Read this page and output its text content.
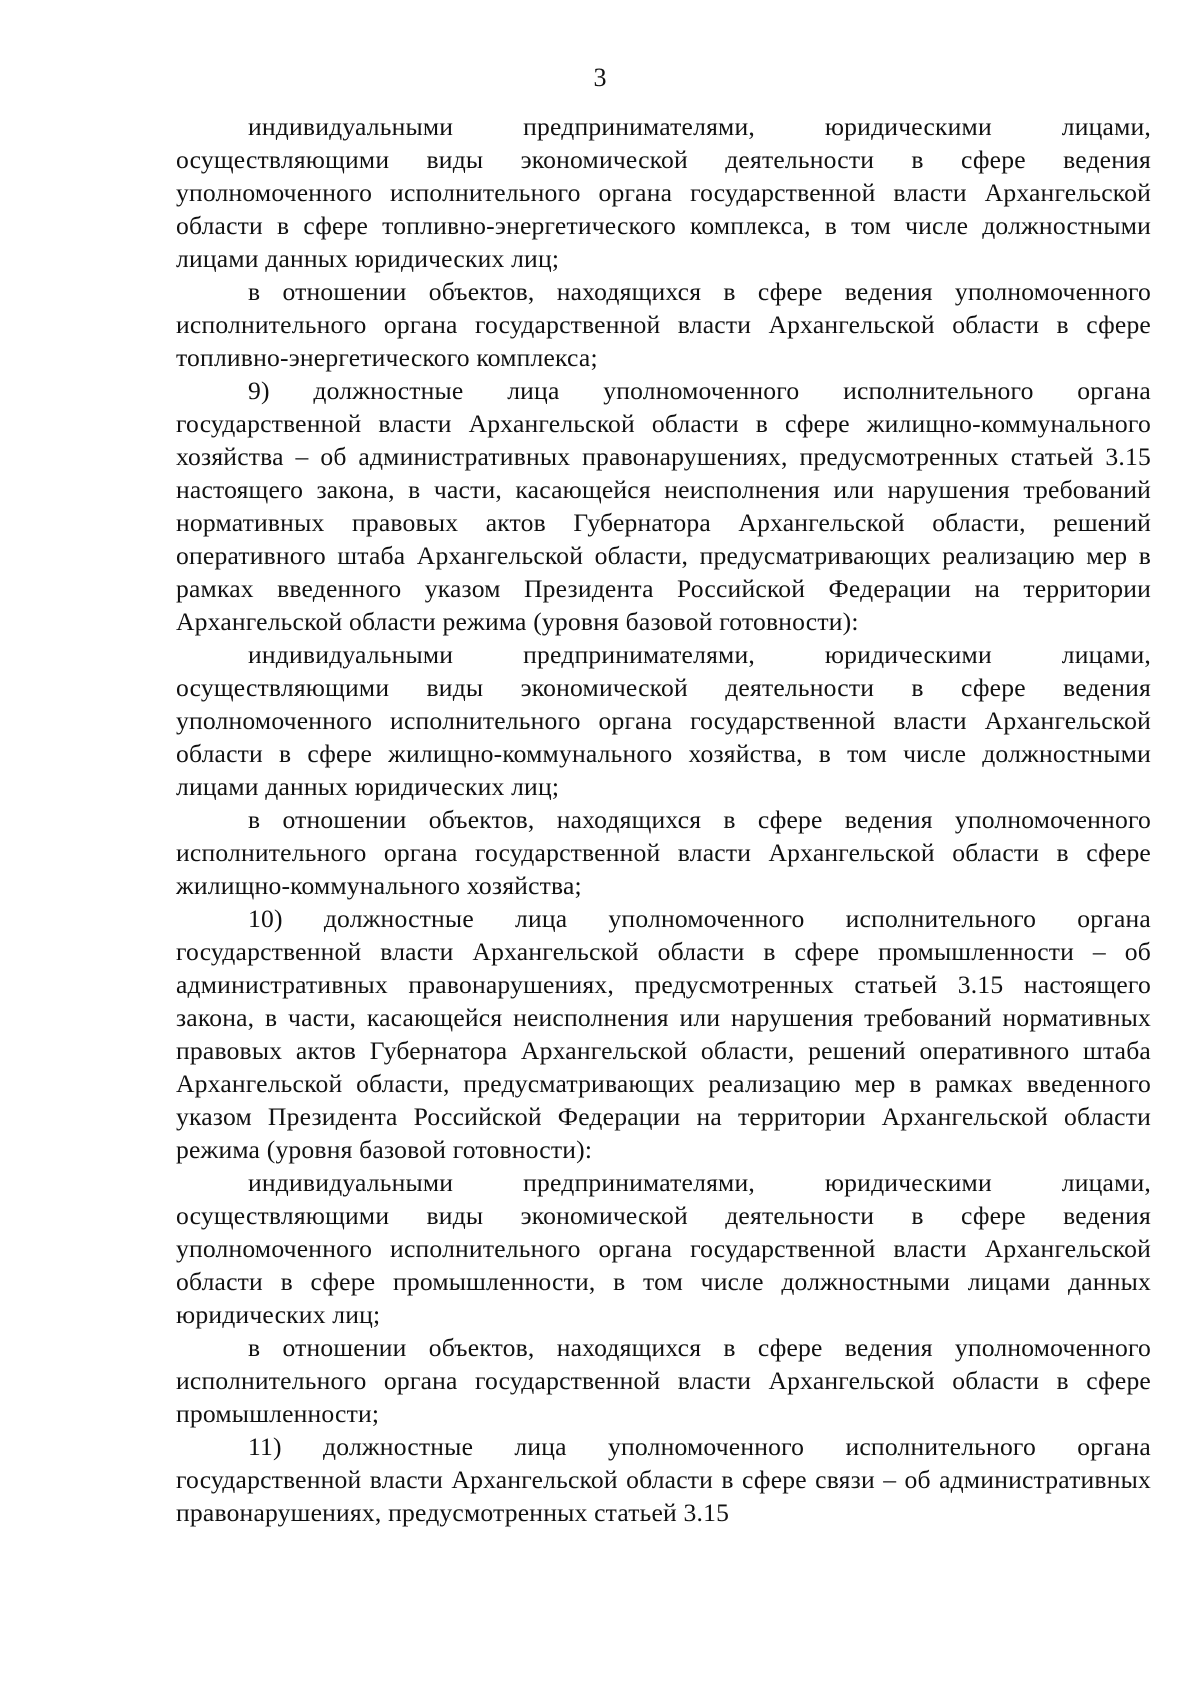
3

индивидуальными предпринимателями, юридическими лицами, осуществляющими виды экономической деятельности в сфере ведения уполномоченного исполнительного органа государственной власти Архангельской области в сфере топливно-энергетического комплекса, в том числе должностными лицами данных юридических лиц;

в отношении объектов, находящихся в сфере ведения уполномоченного исполнительного органа государственной власти Архангельской области в сфере топливно-энергетического комплекса;

9) должностные лица уполномоченного исполнительного органа государственной власти Архангельской области в сфере жилищно-коммунального хозяйства – об административных правонарушениях, предусмотренных статьей 3.15 настоящего закона, в части, касающейся неисполнения или нарушения требований нормативных правовых актов Губернатора Архангельской области, решений оперативного штаба Архангельской области, предусматривающих реализацию мер в рамках введенного указом Президента Российской Федерации на территории Архангельской области режима (уровня базовой готовности):

индивидуальными предпринимателями, юридическими лицами, осуществляющими виды экономической деятельности в сфере ведения уполномоченного исполнительного органа государственной власти Архангельской области в сфере жилищно-коммунального хозяйства, в том числе должностными лицами данных юридических лиц;

в отношении объектов, находящихся в сфере ведения уполномоченного исполнительного органа государственной власти Архангельской области в сфере жилищно-коммунального хозяйства;

10) должностные лица уполномоченного исполнительного органа государственной власти Архангельской области в сфере промышленности – об административных правонарушениях, предусмотренных статьей 3.15 настоящего закона, в части, касающейся неисполнения или нарушения требований нормативных правовых актов Губернатора Архангельской области, решений оперативного штаба Архангельской области, предусматривающих реализацию мер в рамках введенного указом Президента Российской Федерации на территории Архангельской области режима (уровня базовой готовности):

индивидуальными предпринимателями, юридическими лицами, осуществляющими виды экономической деятельности в сфере ведения уполномоченного исполнительного органа государственной власти Архангельской области в сфере промышленности, в том числе должностными лицами данных юридических лиц;

в отношении объектов, находящихся в сфере ведения уполномоченного исполнительного органа государственной власти Архангельской области в сфере промышленности;

11) должностные лица уполномоченного исполнительного органа государственной власти Архангельской области в сфере связи – об административных правонарушениях, предусмотренных статьей 3.15
